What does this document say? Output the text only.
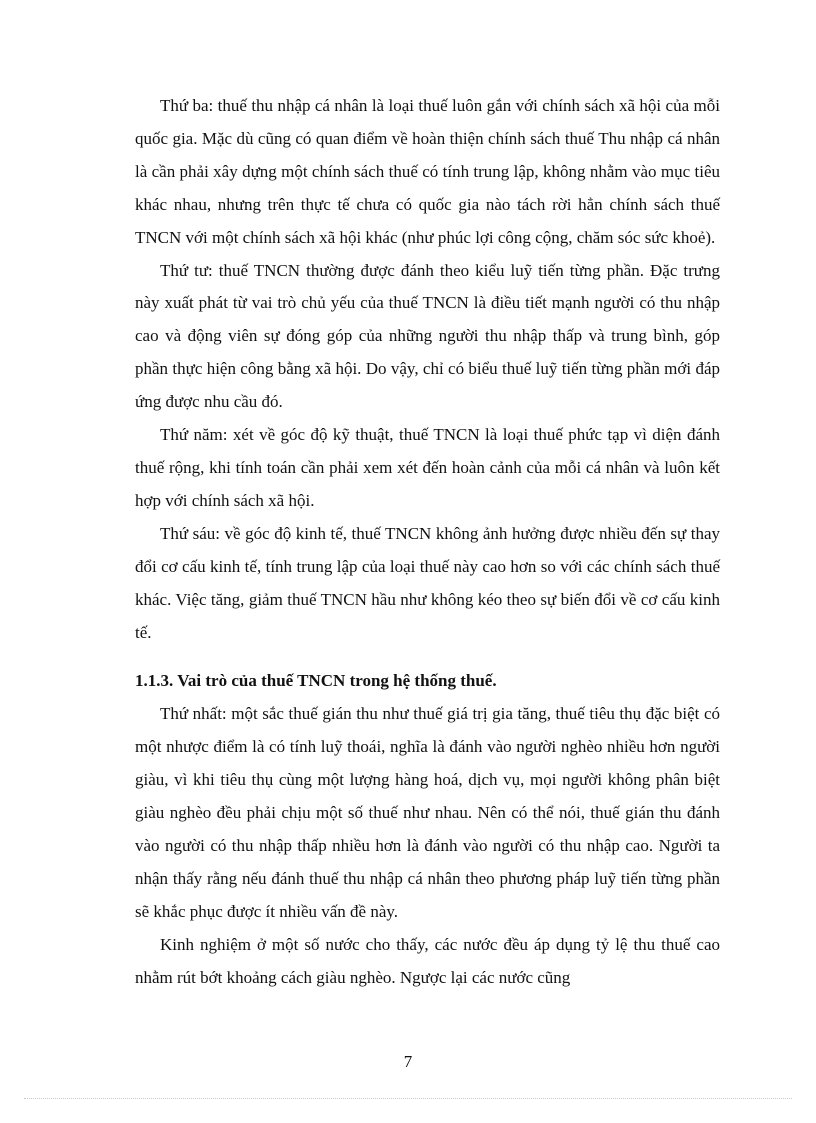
Thứ ba: thuế thu nhập cá nhân là loại thuế luôn gắn với chính sách xã hội của mỗi quốc gia. Mặc dù cũng có quan điểm về hoàn thiện chính sách thuế Thu nhập cá nhân là cần phải xây dựng một chính sách thuế có tính trung lập, không nhằm vào mục tiêu khác nhau, nhưng trên thực tế chưa có quốc gia nào tách rời hẳn chính sách thuế TNCN với một chính sách xã hội khác (như phúc lợi công cộng, chăm sóc sức khoẻ).

Thứ tư: thuế TNCN thường được đánh theo kiểu luỹ tiến từng phần. Đặc trưng này xuất phát từ vai trò chủ yếu của thuế TNCN là điều tiết mạnh người có thu nhập cao và động viên sự đóng góp của những người thu nhập thấp và trung bình, góp phần thực hiện công bằng xã hội. Do vậy, chỉ có biểu thuế luỹ tiến từng phần mới đáp ứng được nhu cầu đó.

Thứ năm: xét về góc độ kỹ thuật, thuế TNCN là loại thuế phức tạp vì diện đánh thuế rộng, khi tính toán cần phải xem xét đến hoàn cảnh của mỗi cá nhân và luôn kết hợp với chính sách xã hội.

Thứ sáu: về góc độ kinh tế, thuế TNCN không ảnh hưởng được nhiều đến sự thay đổi cơ cấu kinh tế, tính trung lập của loại thuế này cao hơn so với các chính sách thuế khác. Việc tăng, giảm thuế TNCN hầu như không kéo theo sự biến đổi về cơ cấu kinh tế.

1.1.3. Vai trò của thuế TNCN trong hệ thống thuế.

Thứ nhất: một sắc thuế gián thu như thuế giá trị gia tăng, thuế tiêu thụ đặc biệt có một nhược điểm là có tính luỹ thoái, nghĩa là đánh vào người nghèo nhiều hơn người giàu, vì khi tiêu thụ cùng một lượng hàng hoá, dịch vụ, mọi người không phân biệt giàu nghèo đều phải chịu một số thuế như nhau. Nên có thể nói, thuế gián thu đánh vào người có thu nhập thấp nhiều hơn là đánh vào người có thu nhập cao. Người ta nhận thấy rằng nếu đánh thuế thu nhập cá nhân theo phương pháp luỹ tiến từng phần sẽ khắc phục được ít nhiều vấn đề này.

Kinh nghiệm ở một số nước cho thấy, các nước đều áp dụng tỷ lệ thu thuế cao nhằm rút bớt khoảng cách giàu nghèo. Ngược lại các nước cũng

7
